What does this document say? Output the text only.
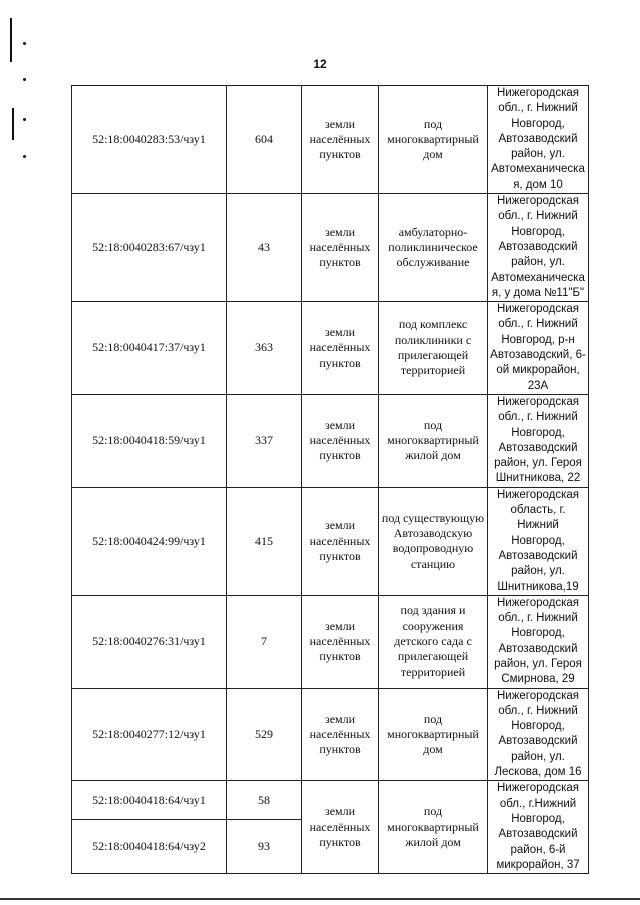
12
52:18:0040283:53/чзу1	604	земли населённых пунктов	под многоквартирный дом	Нижегородская обл., г. Нижний Новгород, Автозаводский район, ул. Автомеханическа я, дом 10
52:18:0040283:67/чзу1	43	земли населённых пунктов	амбулаторно-поликлиническое обслуживание	Нижегородская обл., г. Нижний Новгород, Автозаводский район, ул. Автомеханическа я, у дома №11"Б"
52:18:0040417:37/чзу1	363	земли населённых пунктов	под комплекс поликлиники с прилегающей территорией	Нижегородская обл., г. Нижний Новгород, р-н Автозаводский, 6-ой микрорайон, 23А
52:18:0040418:59/чзу1	337	земли населённых пунктов	под многоквартирный жилой дом	Нижегородская обл., г. Нижний Новгород, Автозаводский район, ул. Героя Шнитникова, 22
52:18:0040424:99/чзу1	415	земли населённых пунктов	под существующую Автозаводскую водопроводную станцию	Нижегородская область, г. Нижний Новгород, Автозаводский район, ул. Шнитникова,19
52:18:0040276:31/чзу1	7	земли населённых пунктов	под здания и сооружения детского сада с прилегающей территорией	Нижегородская обл., г. Нижний Новгород, Автозаводский район, ул. Героя Смирнова, 29
52:18:0040277:12/чзу1	529	земли населённых пунктов	под многоквартирный дом	Нижегородская обл., г. Нижний Новгород, Автозаводский район, ул. Лескова, дом 16
52:18:0040418:64/чзу1	58	земли населённых пунктов	под многоквартирный жилой дом	Нижегородская обл., г.Нижний Новгород, Автозаводский район, 6-й микрорайон, 37
52:18:0040418:64/чзу2	93			
